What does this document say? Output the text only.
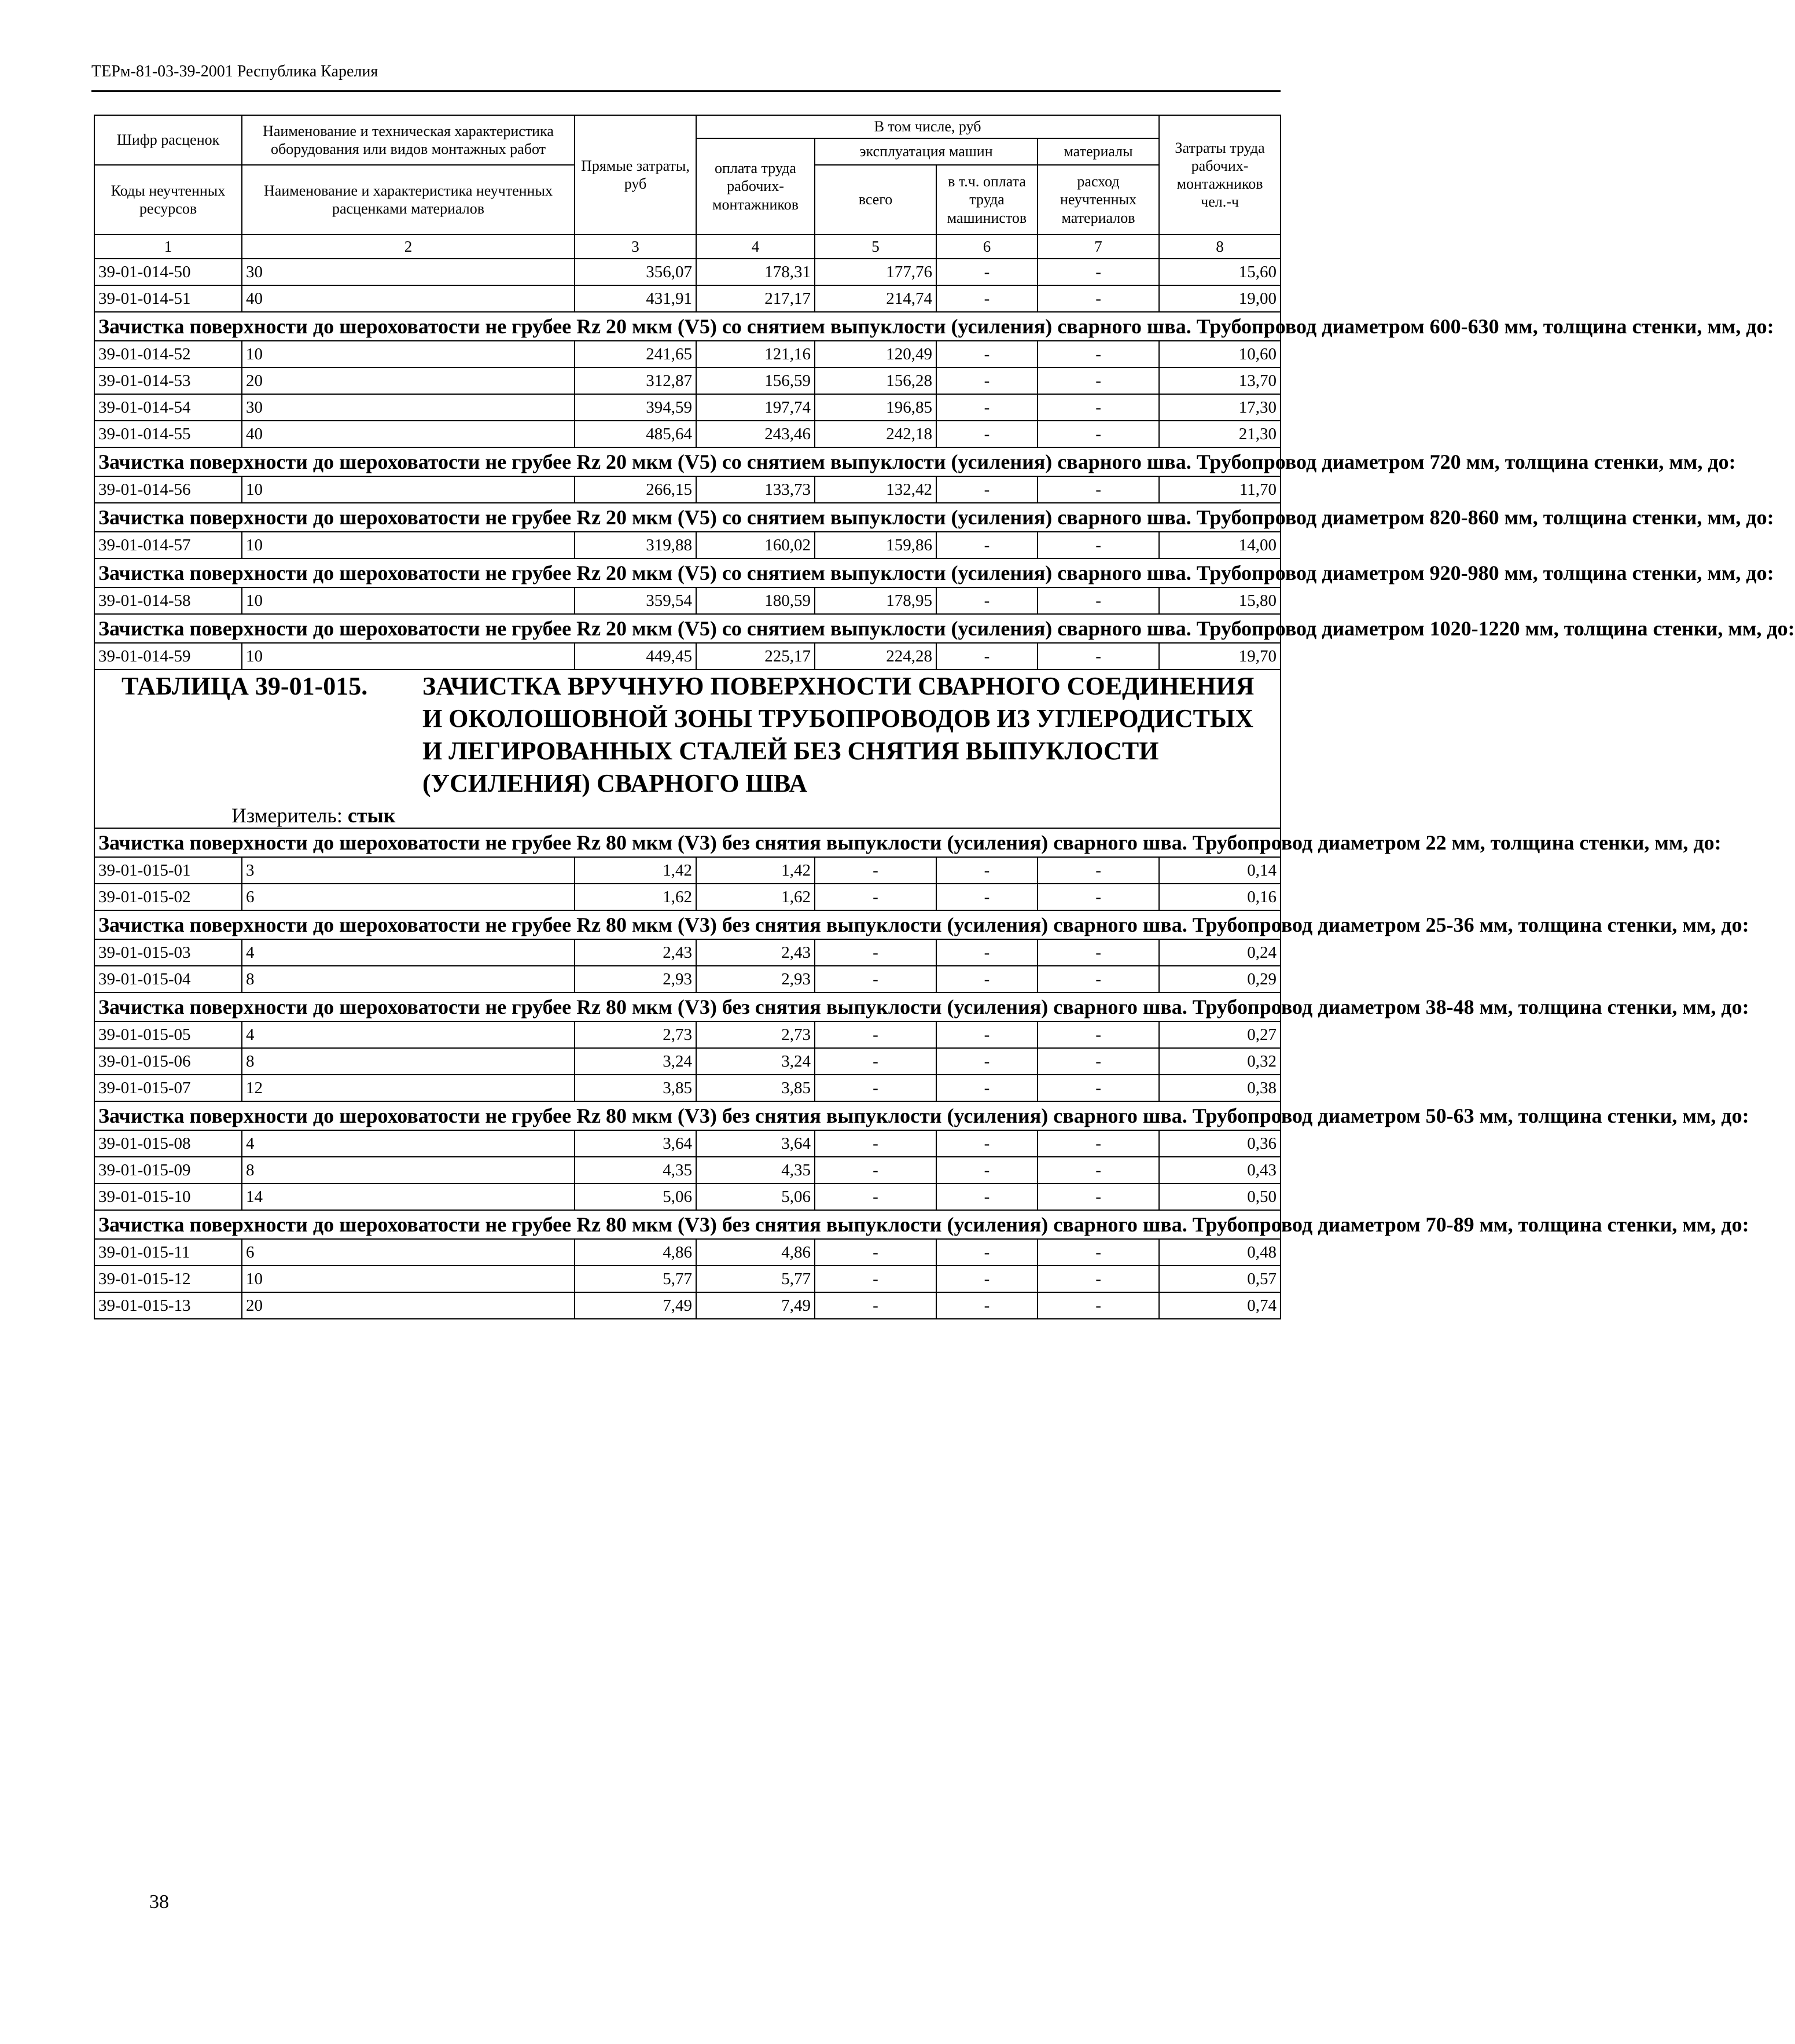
ТЕРм-81-03-39-2001 Республика Карелия
Шифр расценок	Наименование и техническая характеристика оборудования или видов монтажных работ	Прямые затраты, руб	В том числе, руб				Затраты труда рабочих-монтажников чел.-ч
			оплата труда рабочих-монтажников	эксплуатация машин		материалы	
Коды неучтенных ресурсов	Наименование и характеристика неучтенных расценками материалов			всего	в т.ч. оплата труда машинистов	расход неучтенных материалов	

1	2	3	4	5	6	7	8
39-01-014-50	30	356,07	178,31	177,76	-	-	15,60
39-01-014-51	40	431,91	217,17	214,74	-	-	19,00
Зачистка поверхности до шероховатости не грубее Rz 20 мкм (V5) со снятием выпуклости (усиления) сварного шва. Трубопровод диаметром 600-630 мм, толщина стенки, мм, до:							
39-01-014-52	10	241,65	121,16	120,49	-	-	10,60
39-01-014-53	20	312,87	156,59	156,28	-	-	13,70
39-01-014-54	30	394,59	197,74	196,85	-	-	17,30
39-01-014-55	40	485,64	243,46	242,18	-	-	21,30
Зачистка поверхности до шероховатости не грубее Rz 20 мкм (V5) со снятием выпуклости (усиления) сварного шва. Трубопровод диаметром 720 мм, толщина стенки, мм, до:							
39-01-014-56	10	266,15	133,73	132,42	-	-	11,70
Зачистка поверхности до шероховатости не грубее Rz 20 мкм (V5) со снятием выпуклости (усиления) сварного шва. Трубопровод диаметром 820-860 мм, толщина стенки, мм, до:							
39-01-014-57	10	319,88	160,02	159,86	-	-	14,00
Зачистка поверхности до шероховатости не грубее Rz 20 мкм (V5) со снятием выпуклости (усиления) сварного шва. Трубопровод диаметром 920-980 мм, толщина стенки, мм, до:							
39-01-014-58	10	359,54	180,59	178,95	-	-	15,80
Зачистка поверхности до шероховатости не грубее Rz 20 мкм (V5) со снятием выпуклости (усиления) сварного шва. Трубопровод диаметром 1020-1220 мм, толщина стенки, мм, до:							
39-01-014-59	10	449,45	225,17	224,28	-	-	19,70

ТАБЛИЦА 39-01-015. ЗАЧИСТКА ВРУЧНУЮ ПОВЕРХНОСТИ СВАРНОГО СОЕДИНЕНИЯ
И ОКОЛОШОВНОЙ ЗОНЫ ТРУБОПРОВОДОВ ИЗ УГЛЕРОДИСТЫХ
И ЛЕГИРОВАННЫХ СТАЛЕЙ БЕЗ СНЯТИЯ ВЫПУКЛОСТИ
(УСИЛЕНИЯ) СВАРНОГО ШВА
Измеритель: стык							

Зачистка поверхности до шероховатости не грубее Rz 80 мкм (V3) без снятия выпуклости (усиления) сварного шва. Трубопровод диаметром 22 мм, толщина стенки, мм, до:							
39-01-015-01	3	1,42	1,42	-	-	-	0,14
39-01-015-02	6	1,62	1,62	-	-	-	0,16
Зачистка поверхности до шероховатости не грубее Rz 80 мкм (V3) без снятия выпуклости (усиления) сварного шва. Трубопровод диаметром 25-36 мм, толщина стенки, мм, до:							
39-01-015-03	4	2,43	2,43	-	-	-	0,24
39-01-015-04	8	2,93	2,93	-	-	-	0,29
Зачистка поверхности до шероховатости не грубее Rz 80 мкм (V3) без снятия выпуклости (усиления) сварного шва. Трубопровод диаметром 38-48 мм, толщина стенки, мм, до:							
39-01-015-05	4	2,73	2,73	-	-	-	0,27
39-01-015-06	8	3,24	3,24	-	-	-	0,32
39-01-015-07	12	3,85	3,85	-	-	-	0,38
Зачистка поверхности до шероховатости не грубее Rz 80 мкм (V3) без снятия выпуклости (усиления) сварного шва. Трубопровод диаметром 50-63 мм, толщина стенки, мм, до:							
39-01-015-08	4	3,64	3,64	-	-	-	0,36
39-01-015-09	8	4,35	4,35	-	-	-	0,43
39-01-015-10	14	5,06	5,06	-	-	-	0,50
Зачистка поверхности до шероховатости не грубее Rz 80 мкм (V3) без снятия выпуклости (усиления) сварного шва. Трубопровод диаметром 70-89 мм, толщина стенки, мм, до:							
39-01-015-11	6	4,86	4,86	-	-	-	0,48
39-01-015-12	10	5,77	5,77	-	-	-	0,57
39-01-015-13	20	7,49	7,49	-	-	-	0,74
38
